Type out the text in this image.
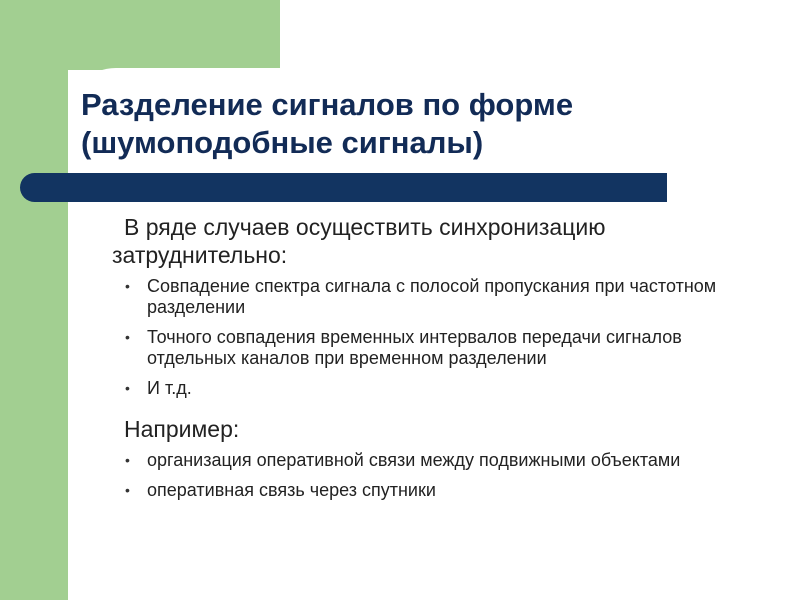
Разделение сигналов по форме
(шумоподобные сигналы)

В ряде случаев осуществить синхронизацию затруднительно:

• Совпадение спектра сигнала с полосой пропускания при частотном разделении
• Точного совпадения временных интервалов передачи сигналов отдельных каналов при временном разделении
• И т.д.

Например:

• организация оперативной связи между подвижными объектами
• оперативная связь через спутники
